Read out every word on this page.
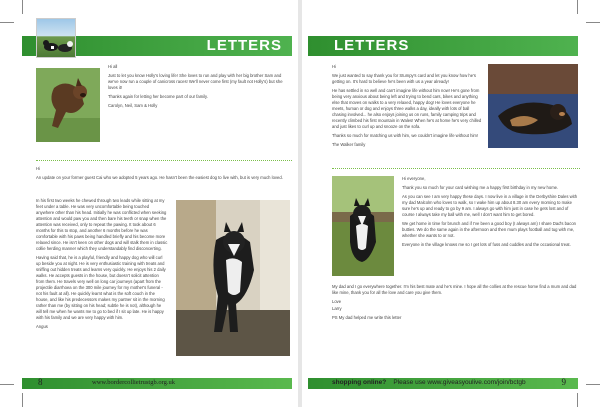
LETTERS

Hi all

Just to let you know Holly's loving life! She loves to run and play with her big brother Sam and we've now run a couple of canicross races! We'll never come first (my fault not Holly's) but she loves it!

Thanks again for letting her become part of our family.

Carolyn, Neil, Sam & Holly

Hi

An update on your former guest Cai who we adopted 5 years ago. He hasn't been the easiest dog to live with, but is very much loved.

In his first two weeks he chewed through two leads while sitting at my feet under a table. He was very uncomfortable being touched anywhere other than his head. Initially he was conflicted when seeking attention and would paw you and then bare his teeth or snap when the attention was received, only to repeat the pawing. It took about 6 months for this to stop, and another 6 months before he was comfortable with his paws being handled briefly and his become more relaxed since. He isn't keen on other dogs and will stalk them in classic collie herding manner which they understandably find disconcerting.

Having said that, he is a playful, friendly and happy dog who will curl up beside you at night. He is very enthusiastic training with treats and sniffing out hidden treats and learns very quickly. He enjoys his 2 daily walks. He accepts guests in the house, but doesn't solicit attention from them. He travels very well on long car journeys (apart from the projectile diarrhoea on the 300 mile journey for my mother's funeral - not his fault at all). He quickly learnt what is the soft couch in the house, and like his predecessors makes my partner sit in the morning rather than me (by sitting on his head; subtle he is not), although he will tell me when he wants me to go to bed if I sit up late. He is happy with his family and we are very happy with him.

Angus

8	www.bordercollietrustgb.org.uk
LETTERS

Hi

We just wanted to say thank you for Stumpy's card and let you know how he's getting on. It's hard to believe he's been with us a year already!

He has settled in so well and can't imagine life without him now! He's gone from being very anxious about being left and trying to bend cars, bikes and anything else that moves on walks to a very relaxed, happy dog! He loves everyone he meets, human or dog and enjoys three walks a day, ideally with lots of ball chasing involved... he also enjoys joining us on runs, family camping trips and recently climbed his first mountain in Wales! When he's at home he's very chilled and just likes to curl up and snooze on the sofa.

Thanks so much for matching us with him, we couldn't imagine life without him!

The Walker family

Hi everyone,

Thank you so much for your card wishing me a happy first birthday in my new home.

As you can see I am very happy these days. I now live in a village in the Derbyshire Dales with my dad Malcolm who loves to walk, so I wake him up about 8.30 am every morning to make sure he's up and ready to go by 9 am. I always go with him just in case he gets lost and of course I always take my ball with me, well I don't want him to get bored.

We get home in time for brunch and if I've been a good boy (I always am) I share Dad's bacon butties. We do the same again in the afternoon and then mum plays football and tug with me, whether she wants to or not.

Everyone in the village knows me so I get lots of fuss and cuddles and the occasional treat.

My dad and I go everywhere together. I'm his best mate and he's mine. I hope all the collies at the rescue home find a mum and dad like mine, thank you for all the love and care you give them.

Love

Larry

PS My dad helped me write this letter

shopping online? Please use www.giveasyoulive.com/join/bctgb	9
